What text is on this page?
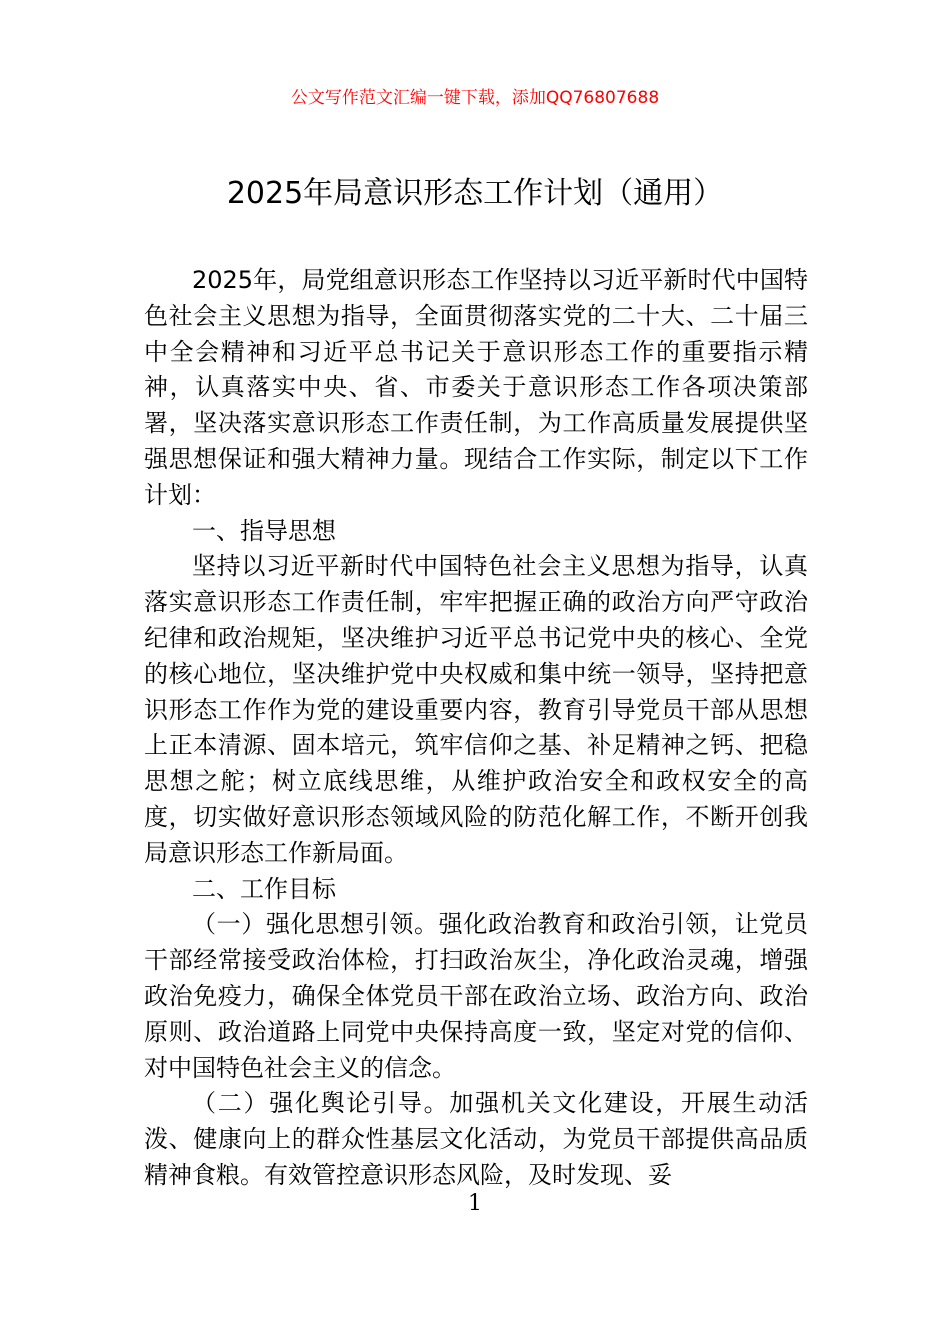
公文写作范文汇编一键下载，添加QQ76807688
2025年局意识形态工作计划（通用）

2025年，局党组意识形态工作坚持以习近平新时代中国特色社会主义思想为指导，全面贯彻落实党的二十大、二十届三中全会精神和习近平总书记关于意识形态工作的重要指示精神，认真落实中央、省、市委关于意识形态工作各项决策部署，坚决落实意识形态工作责任制，为工作高质量发展提供坚强思想保证和强大精神力量。现结合工作实际，制定以下工作计划：

一、指导思想

坚持以习近平新时代中国特色社会主义思想为指导，认真落实意识形态工作责任制，牢牢把握正确的政治方向严守政治纪律和政治规矩，坚决维护习近平总书记党中央的核心、全党的核心地位，坚决维护党中央权威和集中统一领导，坚持把意识形态工作作为党的建设重要内容，教育引导党员干部从思想上正本清源、固本培元，筑牢信仰之基、补足精神之钙、把稳思想之舵；树立底线思维，从维护政治安全和政权安全的高度，切实做好意识形态领域风险的防范化解工作，不断开创我局意识形态工作新局面。

二、工作目标

（一）强化思想引领。强化政治教育和政治引领，让党员干部经常接受政治体检，打扫政治灰尘，净化政治灵魂，增强政治免疫力，确保全体党员干部在政治立场、政治方向、政治原则、政治道路上同党中央保持高度一致，坚定对党的信仰、对中国特色社会主义的信念。

（二）强化舆论引导。加强机关文化建设，开展生动活泼、健康向上的群众性基层文化活动，为党员干部提供高品质精神食粮。有效管控意识形态风险，及时发现、妥

1
